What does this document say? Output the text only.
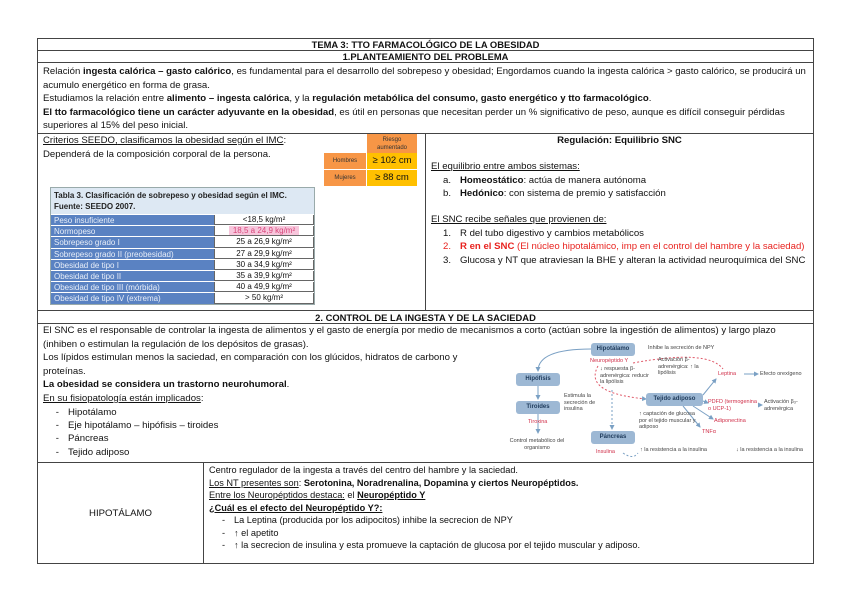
TEMA 3: TTO FARMACOLÓGICO DE LA OBESIDAD
1.PLANTEAMIENTO DEL PROBLEMA
Relación ingesta calórica – gasto calórico, es fundamental para el desarrollo del sobrepeso y obesidad; Engordamos cuando la ingesta calórica > gasto calórico, se producirá un acumulo energético en forma de grasa.
Estudiamos la relación entre alimento – ingesta calórica, y la regulación metabólica del consumo, gasto energético y tto farmacológico.
El tto farmacológico tiene un carácter adyuvante en la obesidad, es útil en personas que necesitan perder un % significativo de peso, aunque es difícil conseguir pérdidas superiores al 15% del peso inicial.
Criterios SEEDO, clasificamos la obesidad según el IMC:
Dependerá de la composición corporal de la persona.
Riesgo aumentado
Hombres	≥ 102 cm
Mujeres	≥ 88 cm
Tabla 3. Clasificación de sobrepeso y obesidad según el IMC.
Fuente: SEEDO 2007.
Peso insuficiente	<18,5 kg/m²
Normopeso	18,5 a 24,9 kg/m²
Sobrepeso grado I	25 a 26,9 kg/m²
Sobrepeso grado II (preobesidad)	27 a 29,9 kg/m²
Obesidad de tipo I	30 a 34,9 kg/m²
Obesidad de tipo II	35 a 39,9 kg/m²
Obesidad de tipo III (mórbida)	40 a 49,9 kg/m²
Obesidad de tipo IV (extrema)	> 50 kg/m²
Regulación: Equilibrio SNC
El equilibrio entre ambos sistemas:
a. Homeostático: actúa de manera autónoma
b. Hedónico: con sistema de premio y satisfacción
El SNC recibe señales que provienen de:
1. R del tubo digestivo y cambios metabólicos
2. R en el SNC (El núcleo hipotalámico, imp en el control del hambre y la saciedad)
3. Glucosa y NT que atraviesan la BHE y alteran la actividad neuroquímica del SNC
2. CONTROL DE LA INGESTA Y DE LA SACIEDAD
El SNC es el responsable de controlar la ingesta de alimentos y el gasto de energía por medio de mecanismos a corto (actúan sobre la ingestión de alimentos) y largo plazo (inhiben o estimulan la regulación de los depósitos de grasas).
Los lípidos estimulan menos la saciedad, en comparación con los glúcidos, hidratos de carbono y proteínas.
La obesidad se considera un trastorno neurohumoral.
En su fisiopatología están implicados:
- Hipotálamo
- Eje hipotálamo – hipófisis – tiroides
- Páncreas
- Tejido adiposo
Hipotálamo
Hipófisis
Tiroides
Tejido adiposo
Páncreas
Tiroxina
Control metabólico del organismo
Neuropéptido Y
Inhibe la secreción de NPY
↓ respuesta β-adrenérgica: reducir la lipólisis
Activación β-adrenérgica: ↑ la lipólisis
Estimula la secreción de insulina
Leptina	Efecto orexígeno
PDFD (termogenina o UCP-1)
Activación β₃-adrenérgica
Adiponectina
TNFα
↑ captación de glucosa por el tejido muscular y adiposo
Insulina	↑ la resistencia a la insulina	↓ la resistencia a la insulina
HIPOTÁLAMO
Centro regulador de la ingesta a través del centro del hambre y la saciedad.
Los NT presentes son: Serotonina, Noradrenalina, Dopamina y ciertos Neuropéptidos.
Entre los Neuropéptidos destaca: el Neuropéptido Y
¿Cuál es el efecto del Neuropéptido Y?:
- La Leptina (producida por los adipocitos) inhibe la secrecion de NPY
- ↑ el apetito
- ↑ la secrecion de insulina y esta promueve la captación de glucosa por el tejido muscular y adiposo.
